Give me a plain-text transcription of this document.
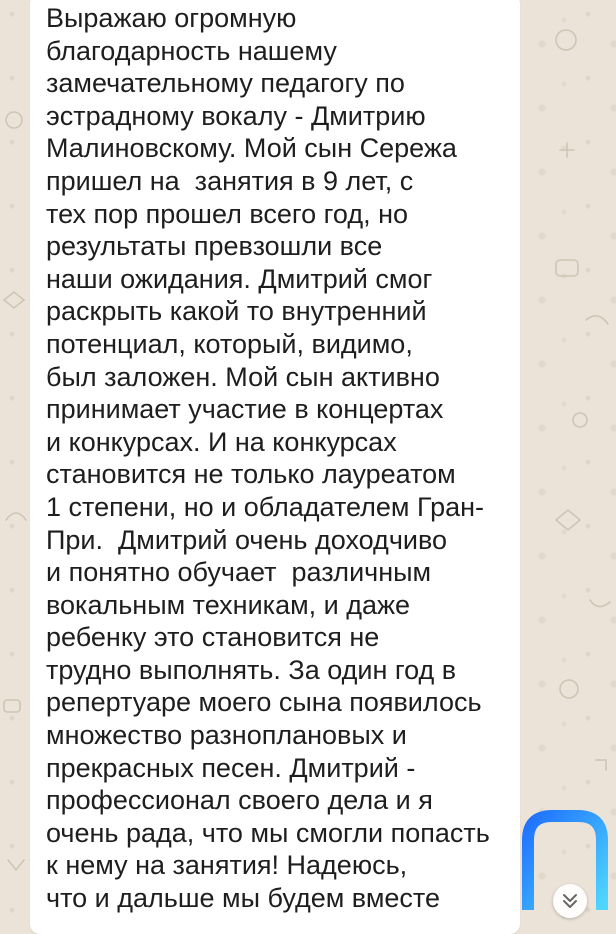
Выражаю огромную
благодарность нашему
замечательному педагогу по
эстрадному вокалу - Дмитрию
Малиновскому. Мой сын Сережа
пришел на  занятия в 9 лет, с
тех пор прошел всего год, но
результаты превзошли все
наши ожидания. Дмитрий смог
раскрыть какой то внутренний
потенциал, который, видимо,
был заложен. Мой сын активно
принимает участие в концертах
и конкурсах. И на конкурсах
становится не только лауреатом
1 степени, но и обладателем Гран-
При.  Дмитрий очень доходчиво
и понятно обучает  различным
вокальным техникам, и даже
ребенку это становится не
трудно выполнять. За один год в
репертуаре моего сына появилось
множество разноплановых и
прекрасных песен. Дмитрий -
профессионал своего дела и я
очень рада, что мы смогли попасть
к нему на занятия! Надеюсь,
что и дальше мы будем вместе
